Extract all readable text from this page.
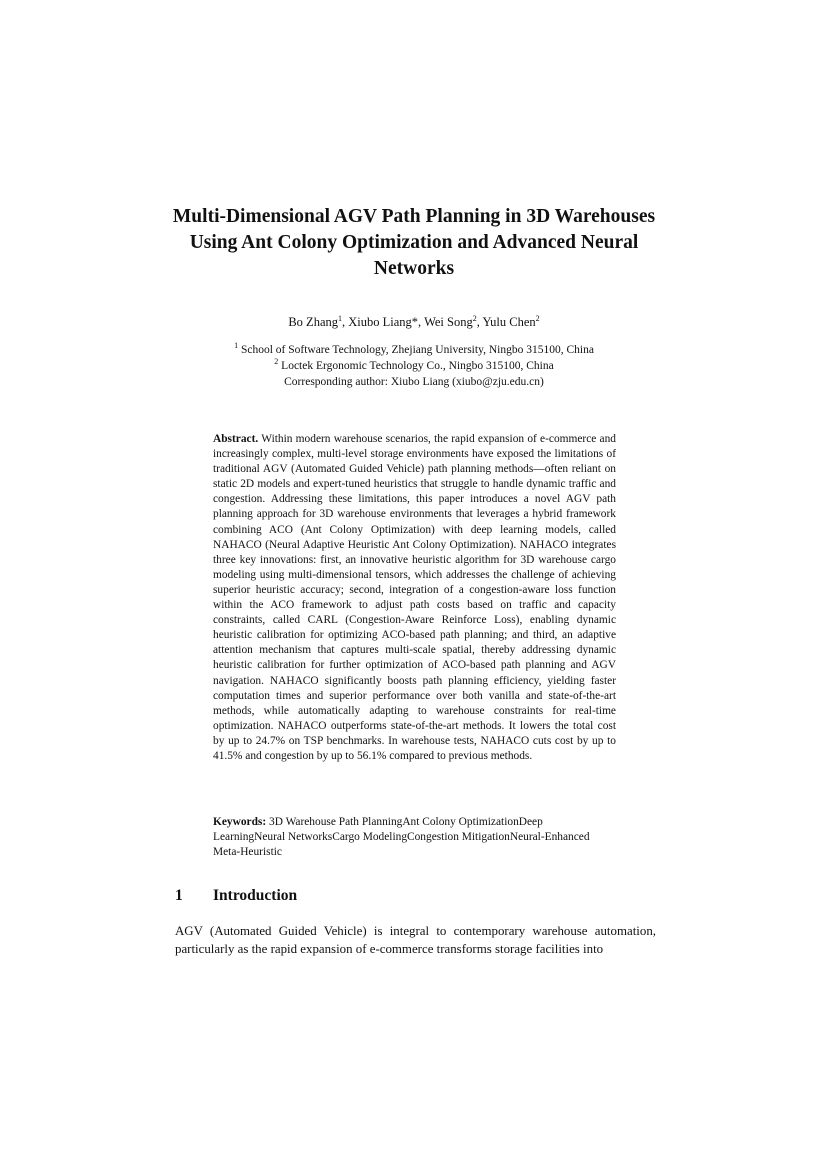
Multi-Dimensional AGV Path Planning in 3D Warehouses Using Ant Colony Optimization and Advanced Neural Networks
Bo Zhang$^1$, Xiubo Liang*, Wei Song$^2$, Yulu Chen$^2$
$^1$ School of Software Technology, Zhejiang University, Ningbo 315100, China
$^2$ Loctek Ergonomic Technology Co., Ningbo 315100, China
Corresponding author: Xiubo Liang (xiubo@zju.edu.cn)
Abstract. Within modern warehouse scenarios, the rapid expansion of e-commerce and increasingly complex, multi-level storage environments have exposed the limitations of traditional AGV (Automated Guided Vehicle) path planning methods—often reliant on static 2D models and expert-tuned heuristics that struggle to handle dynamic traffic and congestion. Addressing these limitations, this paper introduces a novel AGV path planning approach for 3D warehouse environments that leverages a hybrid framework combining ACO (Ant Colony Optimization) with deep learning models, called NAHACO (Neural Adaptive Heuristic Ant Colony Optimization). NAHACO integrates three key innovations: first, an innovative heuristic algorithm for 3D warehouse cargo modeling using multi-dimensional tensors, which addresses the challenge of achieving superior heuristic accuracy; second, integration of a congestion-aware loss function within the ACO framework to adjust path costs based on traffic and capacity constraints, called CARL (Congestion-Aware Reinforce Loss), enabling dynamic heuristic calibration for optimizing ACO-based path planning; and third, an adaptive attention mechanism that captures multi-scale spatial, thereby addressing dynamic heuristic calibration for further optimization of ACO-based path planning and AGV navigation. NAHACO significantly boosts path planning efficiency, yielding faster computation times and superior performance over both vanilla and state-of-the-art methods, while automatically adapting to warehouse constraints for real-time optimization. NAHACO outperforms state-of-the-art methods. It lowers the total cost by up to 24.7% on TSP benchmarks. In warehouse tests, NAHACO cuts cost by up to 41.5% and congestion by up to 56.1% compared to previous methods.
Keywords: 3D Warehouse Path PlanningAnt Colony OptimizationDeep LearningNeural NetworksCargo ModelingCongestion MitigationNeural-Enhanced Meta-Heuristic
1 Introduction
AGV (Automated Guided Vehicle) is integral to contemporary warehouse automation, particularly as the rapid expansion of e-commerce transforms storage facilities into
